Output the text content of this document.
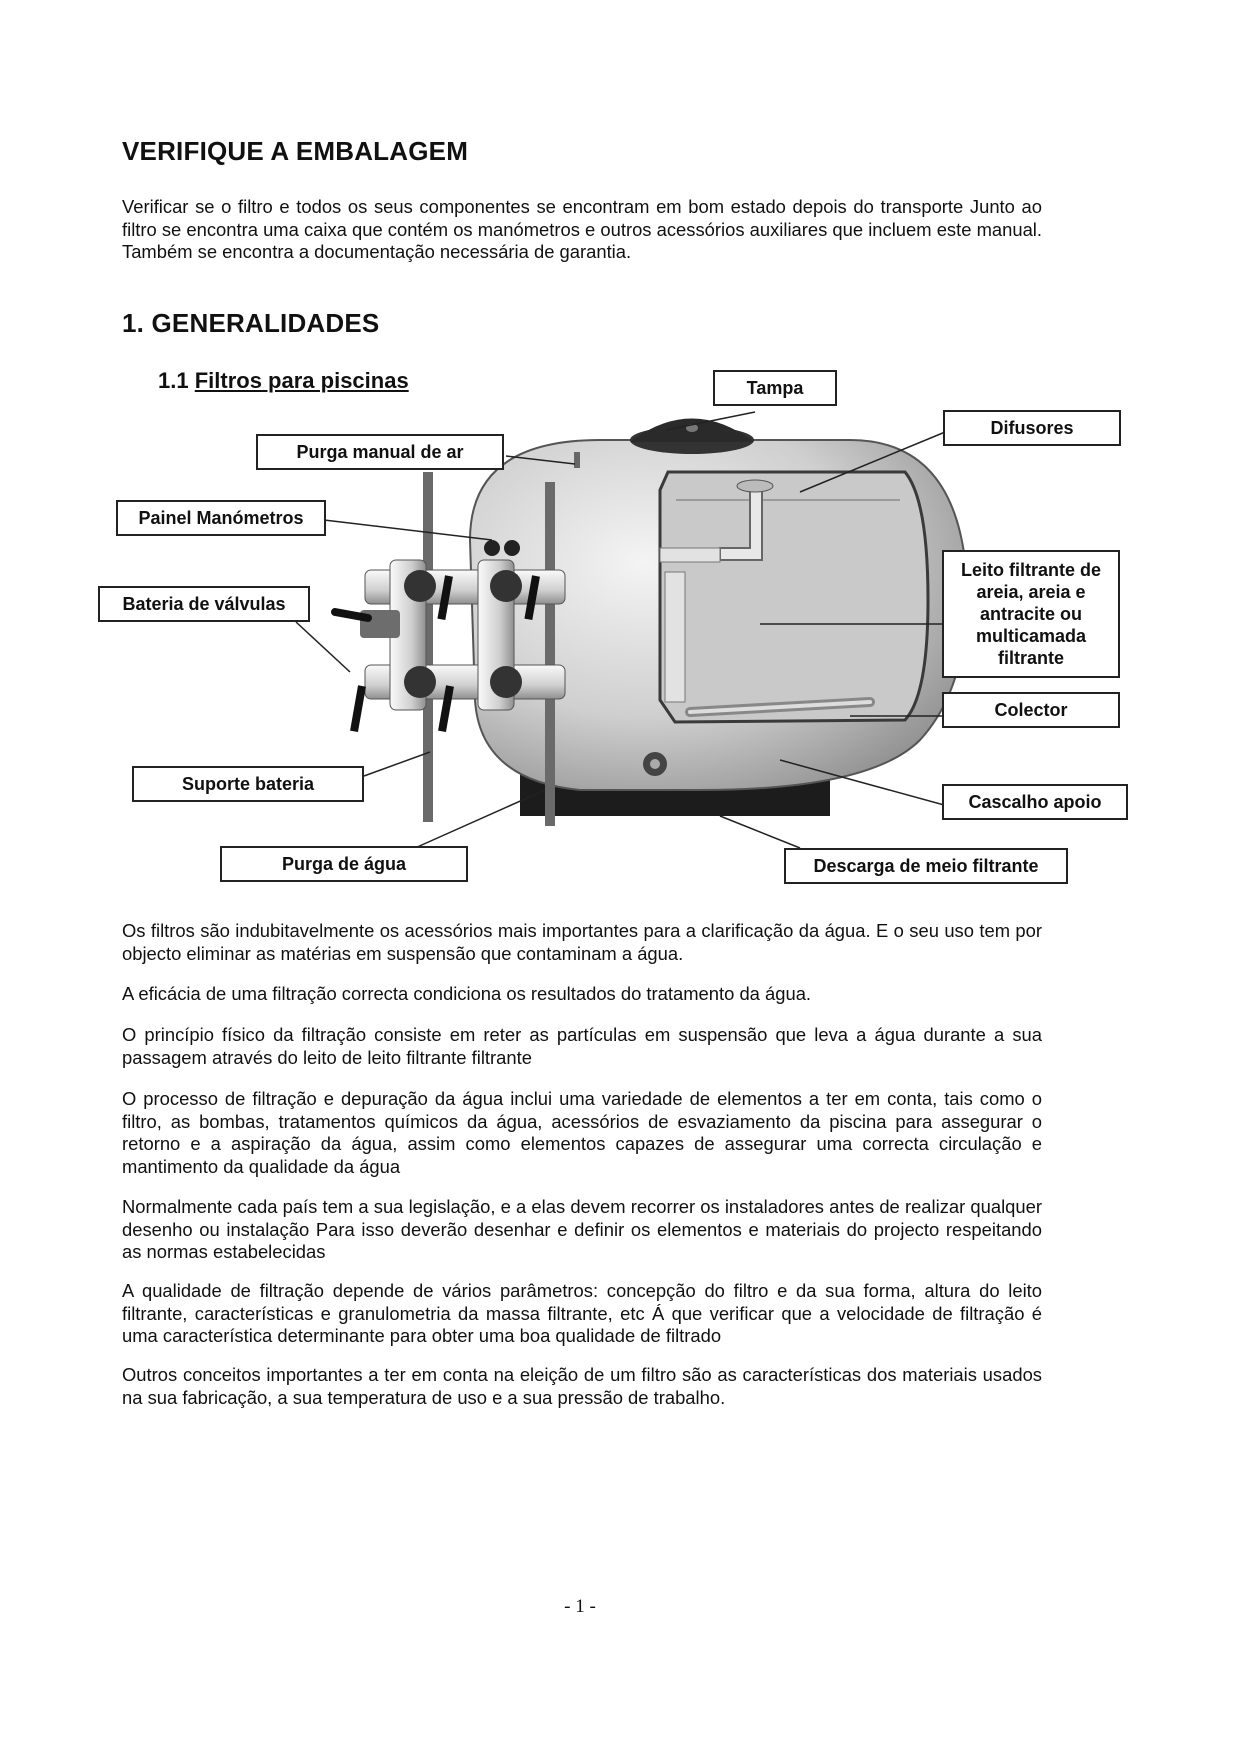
VERIFIQUE A EMBALAGEM
Verificar se o filtro e todos os seus componentes se encontram em bom estado depois do transporte Junto ao filtro se encontra uma caixa que contém os manómetros e outros acessórios auxiliares que incluem este manual. Também se encontra a documentação necessária de garantia.
1. GENERALIDADES
1.1 Filtros para piscinas	Tampa
Difusores
Purga manual de ar
Painel Manómetros
Bateria de válvulas
Leito filtrante de areia, areia e antracite ou multicamada filtrante
Colector
Suporte bateria
Cascalho apoio
Purga de água	Descarga de meio filtrante
Os filtros são indubitavelmente os acessórios mais importantes para a clarificação da água. E o seu uso tem por objecto eliminar as matérias em suspensão que contaminam a água.
A eficácia de uma filtração correcta condiciona os resultados do tratamento da água.
O princípio físico da filtração consiste em reter as partículas em suspensão que leva a água durante a sua passagem através do leito de leito filtrante filtrante
O processo de filtração e depuração da água inclui uma variedade de elementos a ter em conta, tais como o filtro, as bombas, tratamentos químicos da água, acessórios de esvaziamento da piscina para assegurar o retorno e a aspiração da água, assim como elementos capazes de assegurar uma correcta circulação e mantimento da qualidade da água
Normalmente cada país tem a sua legislação, e a elas devem recorrer os instaladores antes de realizar qualquer desenho ou instalação Para isso deverão desenhar e definir os elementos e materiais do projecto respeitando as normas estabelecidas
A qualidade de filtração depende de vários parâmetros: concepção do filtro e da sua forma, altura do leito filtrante, características e granulometria da massa filtrante, etc Á que verificar que a velocidade de filtração é uma característica determinante para obter uma boa qualidade de filtrado
Outros conceitos importantes a ter em conta na eleição de um filtro são as características dos materiais usados na sua fabricação, a sua temperatura de uso e a sua pressão de trabalho.
- 1 -
